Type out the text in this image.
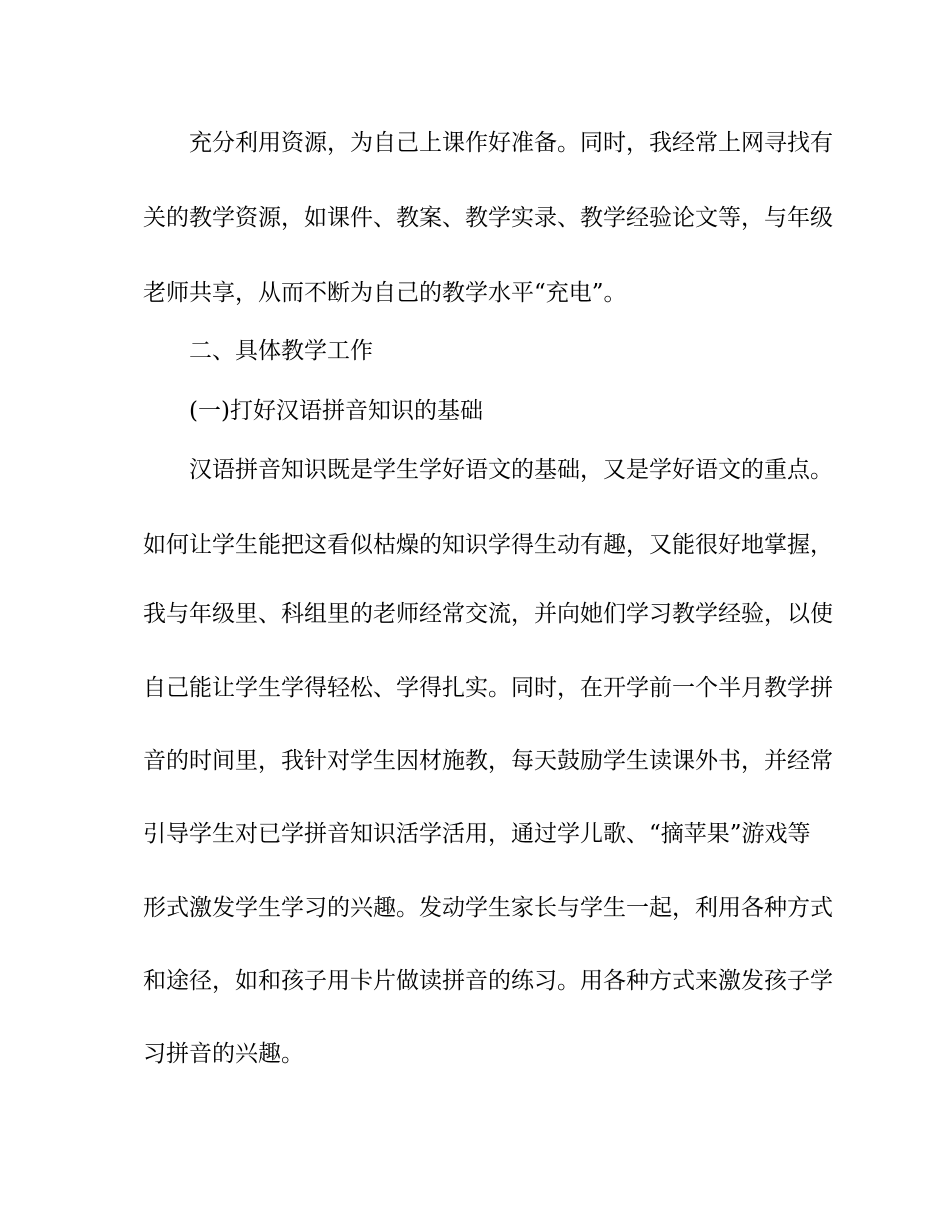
充分利用资源，为自己上课作好准备。同时，我经常上网寻找有
关的教学资源，如课件、教案、教学实录、教学经验论文等，与年级
老师共享，从而不断为自己的教学水平“充电”。
二、具体教学工作
(一)打好汉语拼音知识的基础
汉语拼音知识既是学生学好语文的基础，又是学好语文的重点。
如何让学生能把这看似枯燥的知识学得生动有趣，又能很好地掌握，
我与年级里、科组里的老师经常交流，并向她们学习教学经验，以使
自己能让学生学得轻松、学得扎实。同时，在开学前一个半月教学拼
音的时间里，我针对学生因材施教，每天鼓励学生读课外书，并经常
引导学生对已学拼音知识活学活用，通过学儿歌、“摘苹果”游戏等
形式激发学生学习的兴趣。发动学生家长与学生一起，利用各种方式
和途径，如和孩子用卡片做读拼音的练习。用各种方式来激发孩子学
习拼音的兴趣。
